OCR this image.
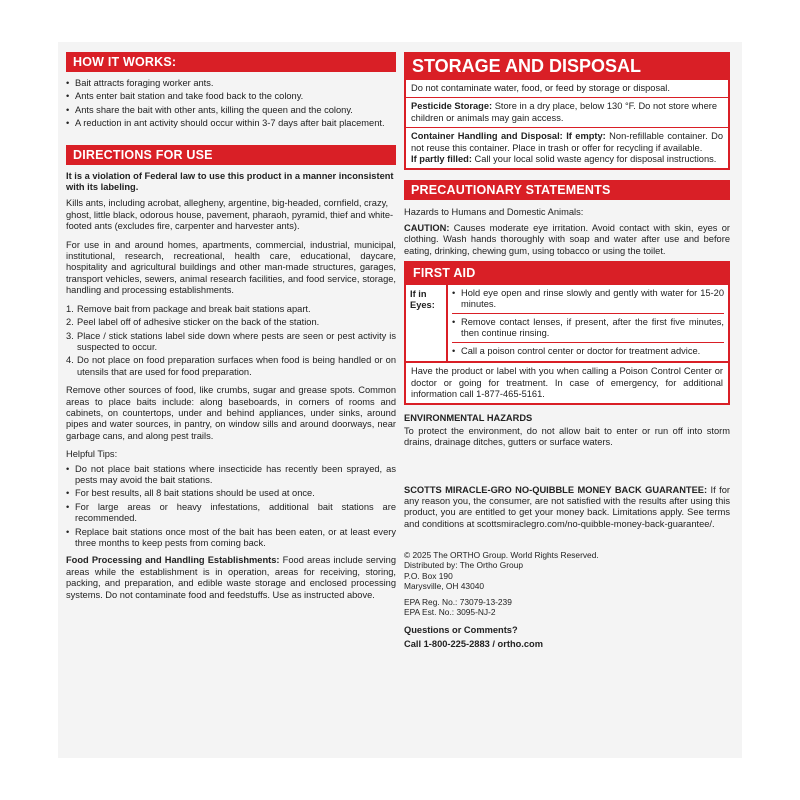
HOW IT WORKS:
• Bait attracts foraging worker ants.
• Ants enter bait station and take food back to the colony.
• Ants share the bait with other ants, killing the queen and the colony.
• A reduction in ant activity should occur within 3-7 days after bait placement.
DIRECTIONS FOR USE

It is a violation of Federal law to use this product in a manner inconsistent with its labeling.

Kills ants, including acrobat, allegheny, argentine, big-headed, cornfield, crazy, ghost, little black, odorous house, pavement, pharaoh, pyramid, thief and white-footed ants (excludes fire, carpenter and harvester ants).

For use in and around homes, apartments, commercial, industrial, municipal, institutional, research, recreational, health care, educational, daycare, hospitality and agricultural buildings and other man-made structures, garages, transport vehicles, sewers, animal research facilities, and food service, storage, handling and processing establishments.

1. Remove bait from package and break bait stations apart.
2. Peel label off of adhesive sticker on the back of the station.
3. Place / stick stations label side down where pests are seen or pest activity is suspected to occur.
4. Do not place on food preparation surfaces when food is being handled or on utensils that are used for food preparation.

Remove other sources of food, like crumbs, sugar and grease spots. Common areas to place baits include: along baseboards, in corners of rooms and cabinets, on countertops, under and behind appliances, under sinks, around pipes and water sources, in pantry, on window sills and around doorways, near garbage cans, and along pest trails.

Helpful Tips:

• Do not place bait stations where insecticide has recently been sprayed, as pests may avoid the bait stations.
• For best results, all 8 bait stations should be used at once.
• For large areas or heavy infestations, additional bait stations are recommended.
• Replace bait stations once most of the bait has been eaten, or at least every three months to keep pests from coming back.

Food Processing and Handling Establishments: Food areas include serving areas while the establishment is in operation, areas for receiving, storing, packing, and preparation, and edible waste storage and enclosed processing systems. Do not contaminate food and feedstuffs. Use as instructed above.

STORAGE AND DISPOSAL

Do not contaminate water, food, or feed by storage or disposal.

Pesticide Storage: Store in a dry place, below 130 °F. Do not store where children or animals may gain access.

Container Handling and Disposal: If empty: Non-refillable container. Do not reuse this container. Place in trash or offer for recycling if available.

If partly filled: Call your local solid waste agency for disposal instructions.

PRECAUTIONARY STATEMENTS

Hazards to Humans and Domestic Animals:

CAUTION: Causes moderate eye irritation. Avoid contact with skin, eyes or clothing. Wash hands thoroughly with soap and water after use and before eating, drinking, chewing gum, using tobacco or using the toilet.

FIRST AID
If in Eyes:
• Hold eye open and rinse slowly and gently with water for 15-20 minutes.
• Remove contact lenses, if present, after the first five minutes, then continue rinsing.
• Call a poison control center or doctor for treatment advice.

Have the product or label with you when calling a Poison Control Center or doctor or going for treatment. In case of emergency, for additional information call 1-877-465-5161.

ENVIRONMENTAL HAZARDS

To protect the environment, do not allow bait to enter or run off into storm drains, drainage ditches, gutters or surface waters.

SCOTTS MIRACLE-GRO NO-QUIBBLE MONEY BACK GUARANTEE: If for any reason you, the consumer, are not satisfied with the results after using this product, you are entitled to get your money back. Limitations apply. See terms and conditions at scottsmiraclegro.com/no-quibble-money-back-guarantee/.

© 2025 The ORTHO Group. World Rights Reserved.

Distributed by: The Ortho Group

P.O. Box 190

Marysville, OH 43040

EPA Reg. No.: 73079-13-239

EPA Est. No.: 3095-NJ-2

Questions or Comments?

Call 1-800-225-2883 / ortho.com
